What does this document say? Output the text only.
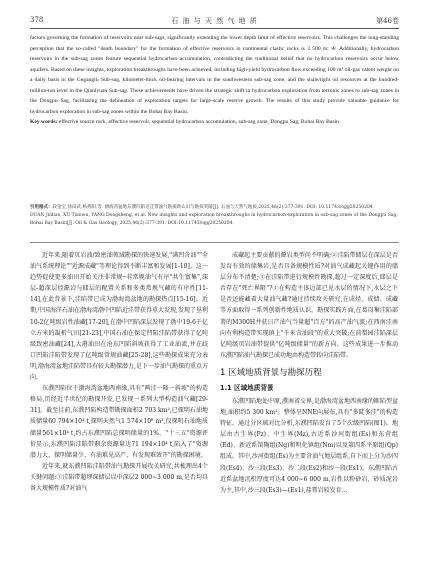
378	石 油 与 天 然 气 地 质	第46卷
factors governing the formation of reservoirs near sub-sags, significantly extending the lower depth limit of effective reservoirs. This challenges the long-standing perception that the so-called "death boundary" for the formation of effective reservoirs in continental clastic rocks is 3 500 m; ④ Additionally, hydrocarbon reservoirs in the sub-sag zones feature sequential hydrocarbon accumulation, contradicting the traditional belief that no hydrocarbon reservoirs occur below aquifers. Based on these insights, exploration breakthroughs have been achieved, including high-yield hydrocarbon flow exceeding 100 m³ oil-gas valent weight on a daily basis in the Geganglii Sub-sag, kilometer-thick oil-bearing intervals in the southwestern sub-sag zone, and the shale/tight oil resources at the hundred-million-ton level in the Qianlyuan Sub-sag. These achievements have driven the strategic shift in hydrocarbon exploration from tectonic zones to sub-sag zones in the Dongpu Sag, facilitating the delineation of exploration targets for large-scale reserve growth. The results of this study provide valuable guidance for hydrocarbon exploration in sub-sag zones within the Bohai Bay Basin.
Key words: effective source rock, effective reservoir, sequential hydrocarbon accumulation, sub-sag zone, Dongpu Sag, Bohai Bay Basin
引用格式：段金宝,徐田武,杨秀阳,等. 渤海湾盆地东濮凹陷近洼带油气勘探新认识与勘探突破[J]. 石油与天然气地质,2025,46(2):377-391. DOI: 10.11743/ogg20250204.
DUAN Jinbao, XU Tianwu, YANG Dongsheng, et al. New insights and exploration breakthroughs in hydrocarbon exploration in sub-sag zones of the Dongpu Sag, Bohai Bay Basin[J]. Oil & Gas Geology, 2025,46(2):377-391. DOI:10.11743/ogg20250204.

近年来,随着页岩油/致密油领域勘探的快速发展,"满凹含油""全油气系统理论""近源成藏"等理论得到不断丰富和发展[1-10]。这一趋势促使更多油田开始关注非常规─非常规油气有序"共生富集",深层-超深层烃源岩与储层的配置关系和多类常规气藏的有序性[11-14],在此背景下,洼陷带已成为渤海湾盆地的勘探热点[15-16]。近期,中国海洋石油在渤海湾渤中凹陷近洼带获得重大发现,发现了垦利10-2亿吨级岩性油藏[17-20],在渤中凹陷深层发现了渤中19-6千亿立方米的凝析气田[21-23],中国石油在保定凹陷洼陷带获得了亿吨级致密油藏[24],大港油田在沧东凹陷斜坡获得了工业油流,并在歧口凹陷洼陷带发现了亿吨级常规油藏[25-28],这些勘探成果充分表明,渤海湾盆地洼陷带具有较大勘探潜力,是下一步油气勘探的重点方向。

东濮凹陷位于渤海湾盆地西南缘,具有"两洼一隆一斜坡"的构造格局,历经近半世纪的勘探开发,已发现一系列大型构造油气藏[29-31]。截至目前,东濮凹陷构造带勘探面积2 703 km²,已探明石油地质储量60 794×10⁴ t,探明天然气1 574×10⁸ m³,仅探明石油地质储量561×10⁴ t,约占东濮凹陷总探明储量的1%。"十三五"资源评价显示,东濮凹陷洼陷带剩余资源量达71 194×10⁴ t,陷入了"资源潜力大、探明储量少、有油难见高产、有发现难效开"的勘探困境。

近年来,就东濮凹陷洼陷带油气勘探开展攻关研究,共梳理出4个关键问题:①洼陷带超埋深储层以中深层2 000~3 000 m,是否均具备大规模性质?对油气

成藏起主要贡献的源岩类型尚不明确;②洼陷带储层在深层是否发育有效的储集岩,是否具备规模性质?对油气成藏起关键作用的储层分布不清楚;③在洼陷带进行规模性勘探,超过一定深度后,储层是否存在"死亡界限"?④在构造主体边部已见水层的情况下,水层之下是否还能藏着大量油气藏?通过持续攻关研究,在成烃、成储、成藏等方面取得一系列创新性地质认识。勘探实践方面,在葛岗集洼陷部署的M300H井获日产油气当量超"百方"的高产油气流;在西南洼南向有利构造带实现镇上"千米含油段"的重大突破;在前梨园洼陷深层亿吨级页岩油带提供"亿吨级储量"的新方向。这些成果进一步推动东濮凹陷油气勘探已成功地由构造带转向洼陷带。

1 区域地质背景与勘探历程
1.1 区域地质背景

东濮凹陷地处中原,濮南省交界,是渤海湾盆地西南缘的断陷型盆地,面积约5 300 km²。整体呈NNE向展布,具有"多陡多洼"的构造特征。通过分区域对比分析,东濮凹陷发育了5个次级凹陷(图1)。地层由古生界(Pz)、中生界(Mz),古近系沙河街组(Es)和东营组(Ed)、新近系馆陶组(Ng)和明化镇组(Nm)以及第四系平原组(Qp)组成。其中,沙河街组(Es)为主要含油气地层组系,自下而上分为沙四段(Es4)、沙三段(Es3)、沙二段(Es2)和沙一段(Es1)。东濮凹陷古近系盆地沉积厚度可达4 000~6 000 m,岩性以粉砂岩、砂质泥岩为主,其中,沙三段(Es3)—(Es1),盐膏岩较发育...
